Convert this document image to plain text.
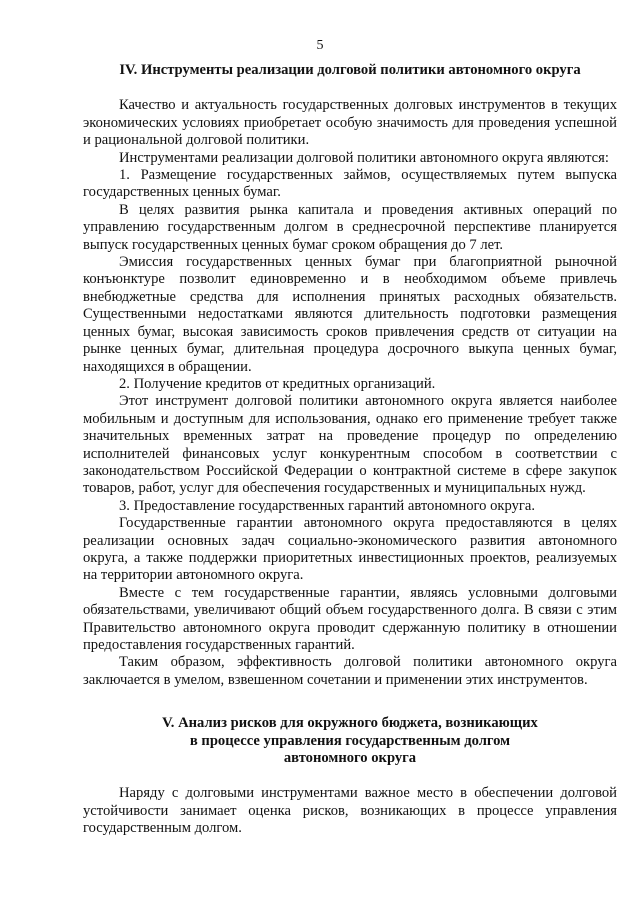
5
IV. Инструменты реализации долговой политики автономного округа

Качество и актуальность государственных долговых инструментов в текущих экономических условиях приобретает особую значимость для проведения успешной и рациональной долговой политики.

Инструментами реализации долговой политики автономного округа являются:

1. Размещение государственных займов, осуществляемых путем выпуска государственных ценных бумаг.

В целях развития рынка капитала и проведения активных операций по управлению государственным долгом в среднесрочной перспективе планируется выпуск государственных ценных бумаг сроком обращения до 7 лет.

Эмиссия государственных ценных бумаг при благоприятной рыночной конъюнктуре позволит единовременно и в необходимом объеме привлечь внебюджетные средства для исполнения принятых расходных обязательств. Существенными недостатками являются длительность подготовки размещения ценных бумаг, высокая зависимость сроков привлечения средств от ситуации на рынке ценных бумаг, длительная процедура досрочного выкупа ценных бумаг, находящихся в обращении.

2. Получение кредитов от кредитных организаций.

Этот инструмент долговой политики автономного округа является наиболее мобильным и доступным для использования, однако его применение требует также значительных временных затрат на проведение процедур по определению исполнителей финансовых услуг конкурентным способом в соответствии с законодательством Российской Федерации о контрактной системе в сфере закупок товаров, работ, услуг для обеспечения государственных и муниципальных нужд.

3. Предоставление государственных гарантий автономного округа.

Государственные гарантии автономного округа предоставляются в целях реализации основных задач социально-экономического развития автономного округа, а также поддержки приоритетных инвестиционных проектов, реализуемых на территории автономного округа.

Вместе с тем государственные гарантии, являясь условными долговыми обязательствами, увеличивают общий объем государственного долга. В связи с этим Правительство автономного округа проводит сдержанную политику в отношении предоставления государственных гарантий.

Таким образом, эффективность долговой политики автономного округа заключается в умелом, взвешенном сочетании и применении этих инструментов.

V. Анализ рисков для окружного бюджета, возникающих
в процессе управления государственным долгом
автономного округа

Наряду с долговыми инструментами важное место в обеспечении долговой устойчивости занимает оценка рисков, возникающих в процессе управления государственным долгом.
